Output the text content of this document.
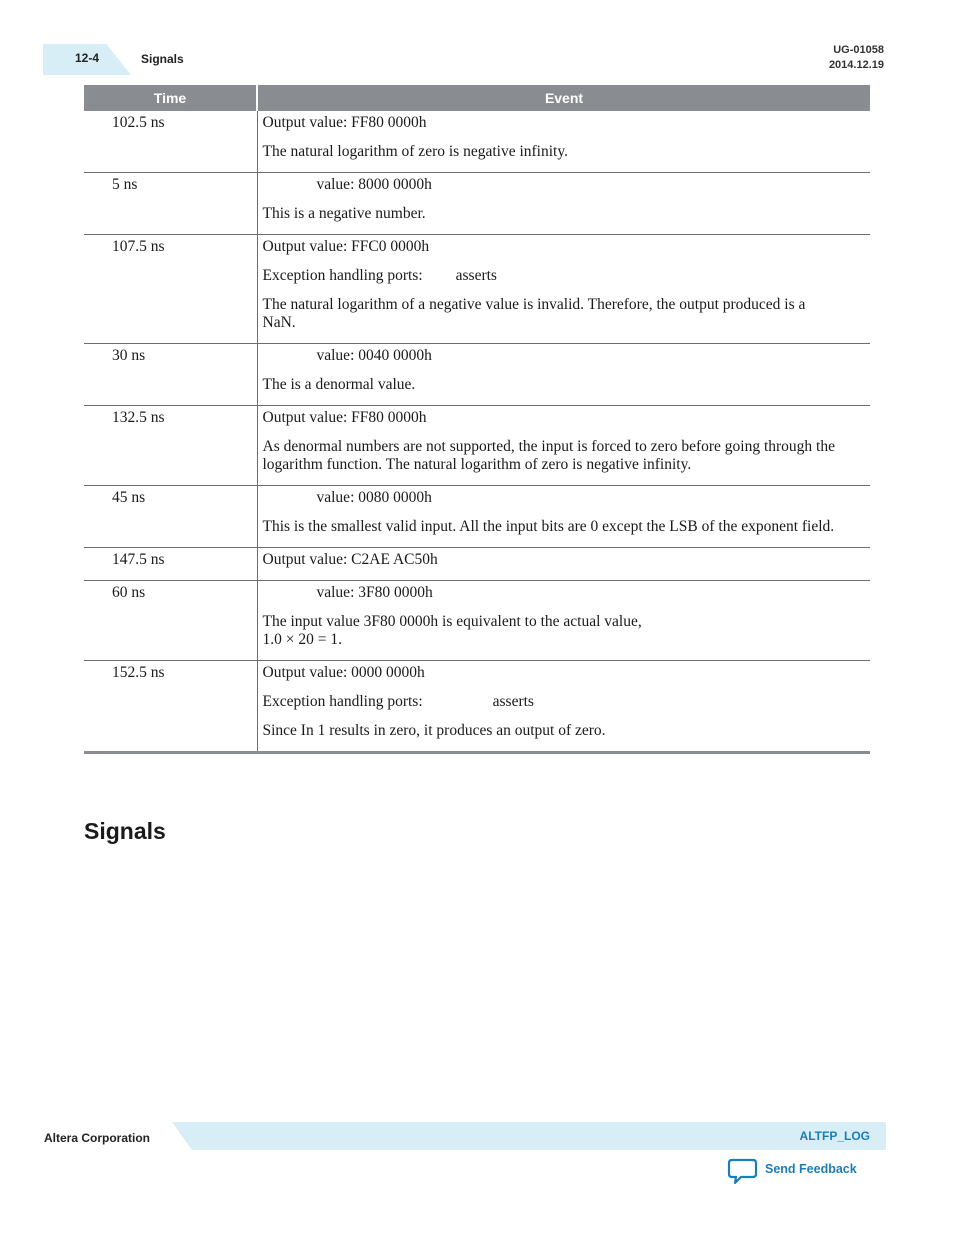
12-4	Signals
UG-01058
2014.12.19
Time	Event
102.5 ns	Output value: FF80 0000h
The natural logarithm of zero is negative infinity.

5 ns	value: 8000 0000h
This is a negative number.

107.5 ns	Output value: FFC0 0000h
Exception handling ports: asserts
The natural logarithm of a negative value is invalid. Therefore, the output produced is a NaN.

30 ns	value: 0040 0000h
The is a denormal value.

132.5 ns	Output value: FF80 0000h
As denormal numbers are not supported, the input is forced to zero before going through the logarithm function. The natural logarithm of zero is negative infinity.

45 ns	value: 0080 0000h
This is the smallest valid input. All the input bits are 0 except the LSB of the exponent field.

147.5 ns	Output value: C2AE AC50h

60 ns	value: 3F80 0000h
The input value 3F80 0000h is equivalent to the actual value,
1.0 × 20 = 1.

152.5 ns	Output value: 0000 0000h
Exception handling ports: asserts
Since In 1 results in zero, it produces an output of zero.
Signals
Altera Corporation	ALTFP_LOG
Send Feedback
